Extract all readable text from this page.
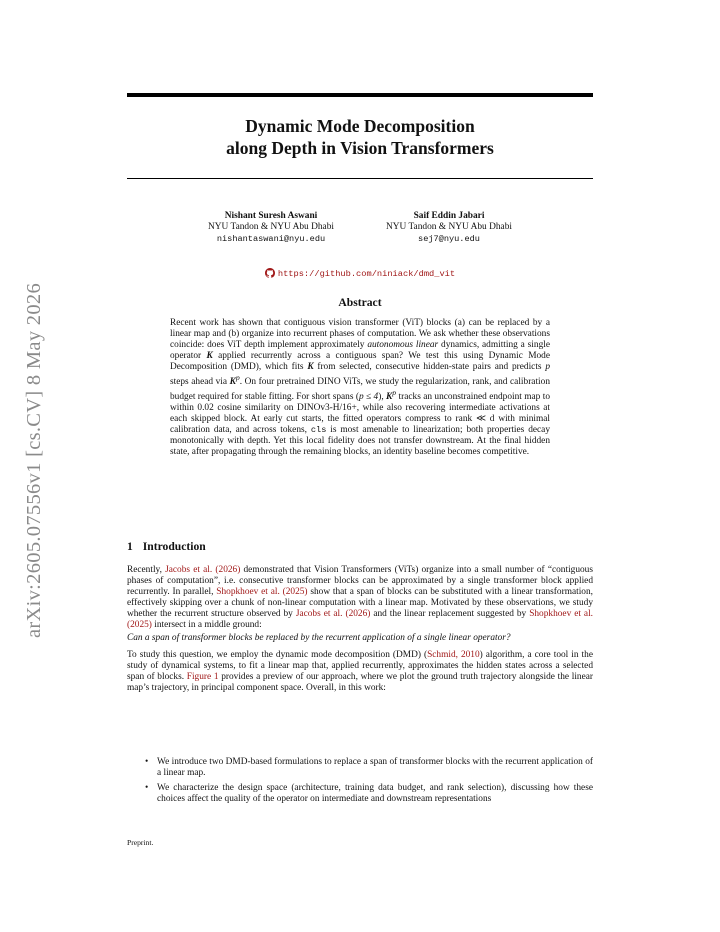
arXiv:2605.07556v1 [cs.CV] 8 May 2026
Dynamic Mode Decomposition
along Depth in Vision Transformers
Nishant Suresh Aswani
NYU Tandon & NYU Abu Dhabi
nishantaswani@nyu.edu
Saif Eddin Jabari
NYU Tandon & NYU Abu Dhabi
sej7@nyu.edu
https://github.com/niniack/dmd_vit
Abstract
Recent work has shown that contiguous vision transformer (ViT) blocks (a) can be replaced by a linear map and (b) organize into recurrent phases of computation. We ask whether these observations coincide: does ViT depth implement approximately autonomous linear dynamics, admitting a single operator K applied recurrently across a contiguous span? We test this using Dynamic Mode Decomposition (DMD), which fits K from selected, consecutive hidden-state pairs and predicts p steps ahead via $K^p$. On four pretrained DINO ViTs, we study the regularization, rank, and calibration budget required for stable fitting. For short spans (p ≤ 4), $K^p$ tracks an unconstrained endpoint map to within 0.02 cosine similarity on DINOv3-H/16+, while also recovering intermediate activations at each skipped block. At early cut starts, the fitted operators compress to rank ≪ d with minimal calibration data, and across tokens, cls is most amenable to linearization; both properties decay monotonically with depth. Yet this local fidelity does not transfer downstream. At the final hidden state, after propagating through the remaining blocks, an identity baseline becomes competitive.
1 Introduction

Recently, Jacobs et al. (2026) demonstrated that Vision Transformers (ViTs) organize into a small number of “contiguous phases of computation”, i.e. consecutive transformer blocks can be approximated by a single transformer block applied recurrently. In parallel, Shopkhoev et al. (2025) show that a span of blocks can be substituted with a linear transformation, effectively skipping over a chunk of non-linear computation with a linear map. Motivated by these observations, we study whether the recurrent structure observed by Jacobs et al. (2026) and the linear replacement suggested by Shopkhoev et al. (2025) intersect in a middle ground:

Can a span of transformer blocks be replaced by the recurrent application of a single linear operator?

To study this question, we employ the dynamic mode decomposition (DMD) (Schmid, 2010) algorithm, a core tool in the study of dynamical systems, to fit a linear map that, applied recurrently, approximates the hidden states across a selected span of blocks. Figure 1 provides a preview of our approach, where we plot the ground truth trajectory alongside the linear map’s trajectory, in principal component space. Overall, in this work:

• We introduce two DMD-based formulations to replace a span of transformer blocks with the recurrent application of a linear map.
• We characterize the design space (architecture, training data budget, and rank selection), discussing how these choices affect the quality of the operator on intermediate and downstream representations
Preprint.
